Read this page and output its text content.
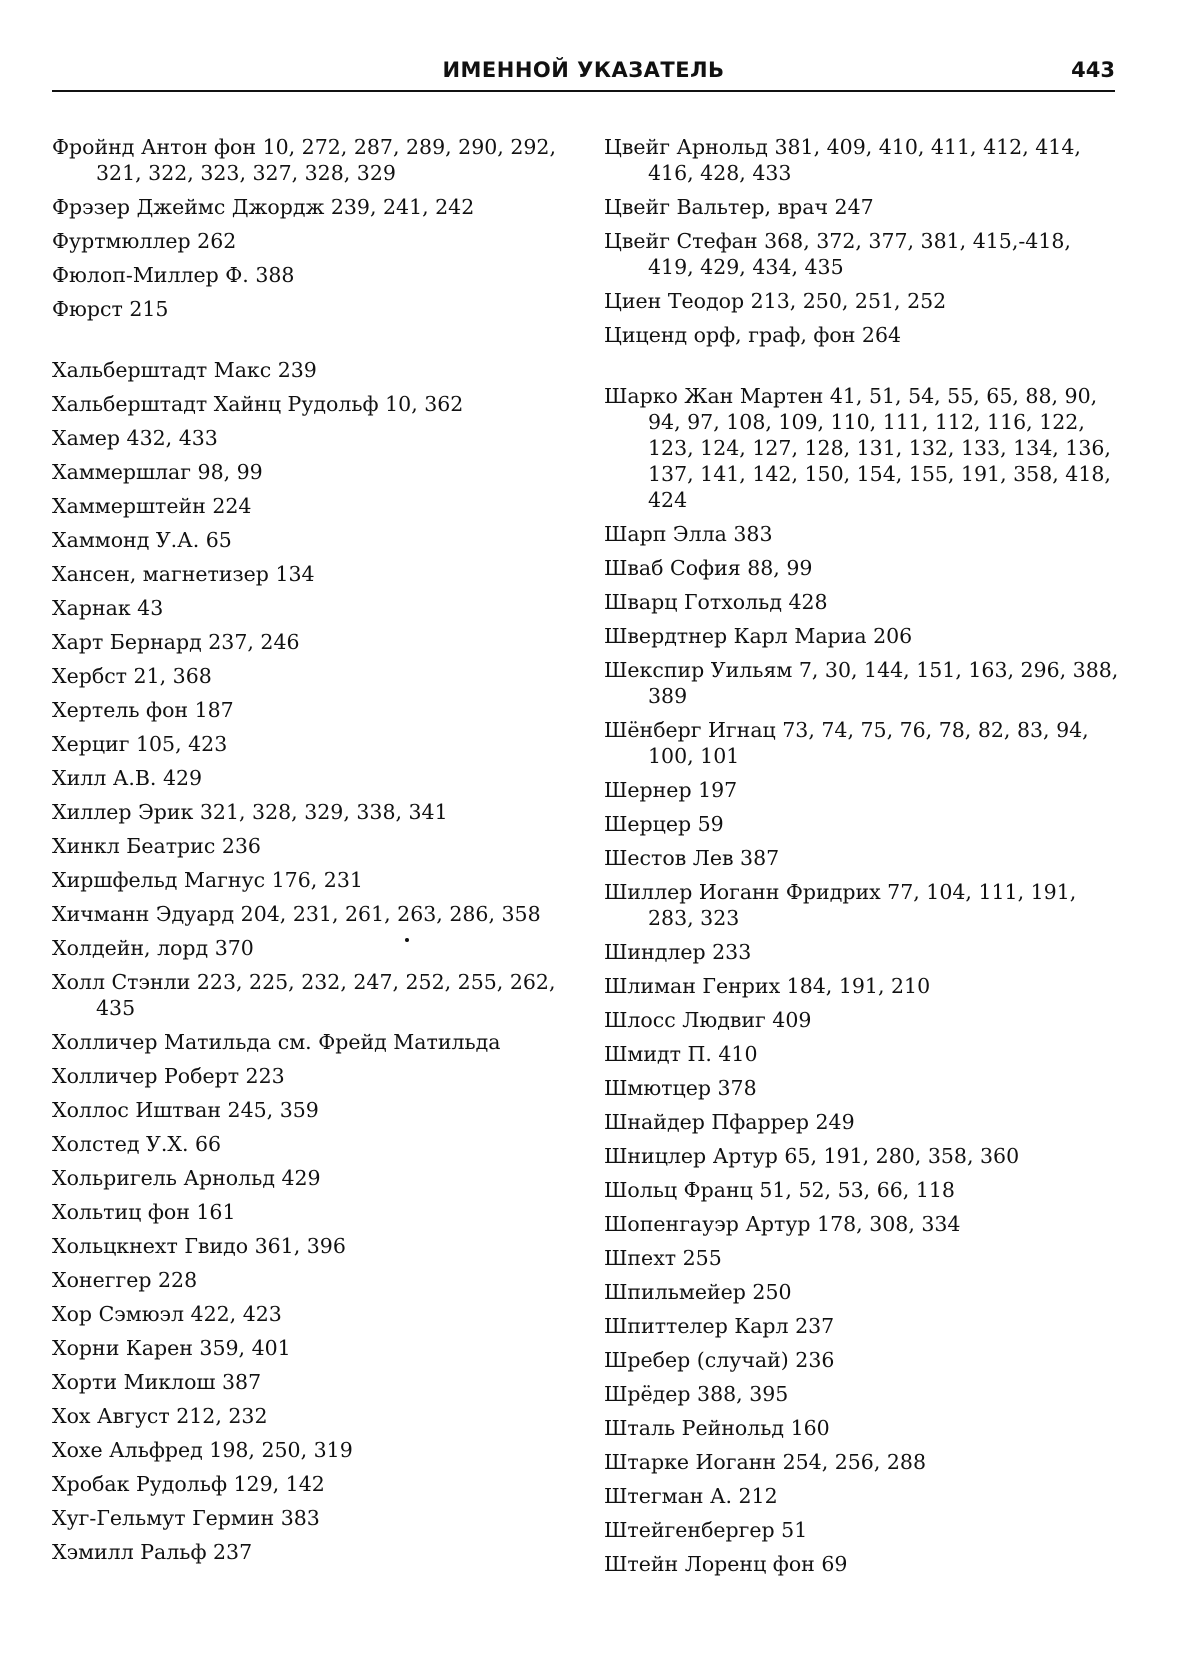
ИМЕННОЙ УКАЗАТЕЛЬ	443
Фройнд Антон фон 10, 272, 287, 289, 290, 292, 321, 322, 323, 327, 328, 329
Фрэзер Джеймс Джордж 239, 241, 242
Фуртмюллер 262
Фюлоп-Миллер Ф. 388
Фюрст 215
Хальберштадт Макс 239
Хальберштадт Хайнц Рудольф 10, 362
Хамер 432, 433
Хаммершлаг 98, 99
Хаммерштейн 224
Хаммонд У.А. 65
Хансен, магнетизер 134
Харнак 43
Харт Бернард 237, 246
Хербст 21, 368
Хертель фон 187
Херциг 105, 423
Хилл А.В. 429
Хиллер Эрик 321, 328, 329, 338, 341
Хинкл Беатрис 236
Хиршфельд Магнус 176, 231
Хичманн Эдуард 204, 231, 261, 263, 286, 358
Холдейн, лорд 370
Холл Стэнли 223, 225, 232, 247, 252, 255, 262, 435
Холличер Матильда см. Фрейд Матильда
Холличер Роберт 223
Холлос Иштван 245, 359
Холстед У.Х. 66
Хольригель Арнольд 429
Хольтиц фон 161
Хольцкнехт Гвидо 361, 396
Хонеггер 228
Хор Сэмюэл 422, 423
Хорни Карен 359, 401
Хорти Миклош 387
Хох Август 212, 232
Хохе Альфред 198, 250, 319
Хробак Рудольф 129, 142
Хуг-Гельмут Гермин 383
Хэмилл Ральф 237
Цвейг Арнольд 381, 409, 410, 411, 412, 414, 416, 428, 433
Цвейг Вальтер, врач 247
Цвейг Стефан 368, 372, 377, 381, 415,-418, 419, 429, 434, 435
Циен Теодор 213, 250, 251, 252
Циценд орф, граф, фон 264
Шарко Жан Мартен 41, 51, 54, 55, 65, 88, 90, 94, 97, 108, 109, 110, 111, 112, 116, 122, 123, 124, 127, 128, 131, 132, 133, 134, 136, 137, 141, 142, 150, 154, 155, 191, 358, 418, 424
Шарп Элла 383
Шваб София 88, 99
Шварц Готхольд 428
Швердтнер Карл Мариа 206
Шекспир Уильям 7, 30, 144, 151, 163, 296, 388, 389
Шёнберг Игнац 73, 74, 75, 76, 78, 82, 83, 94, 100, 101
Шернер 197
Шерцер 59
Шестов Лев 387
Шиллер Иоганн Фридрих 77, 104, 111, 191, 283, 323
Шиндлер 233
Шлиман Генрих 184, 191, 210
Шлосс Людвиг 409
Шмидт П. 410
Шмютцер 378
Шнайдер Пфаррер 249
Шницлер Артур 65, 191, 280, 358, 360
Шольц Франц 51, 52, 53, 66, 118
Шопенгауэр Артур 178, 308, 334
Шпехт 255
Шпильмейер 250
Шпиттелер Карл 237
Шребер (случай) 236
Шрёдер 388, 395
Шталь Рейнольд 160
Штарке Иоганн 254, 256, 288
Штегман А. 212
Штейгенбергер 51
Штейн Лоренц фон 69
